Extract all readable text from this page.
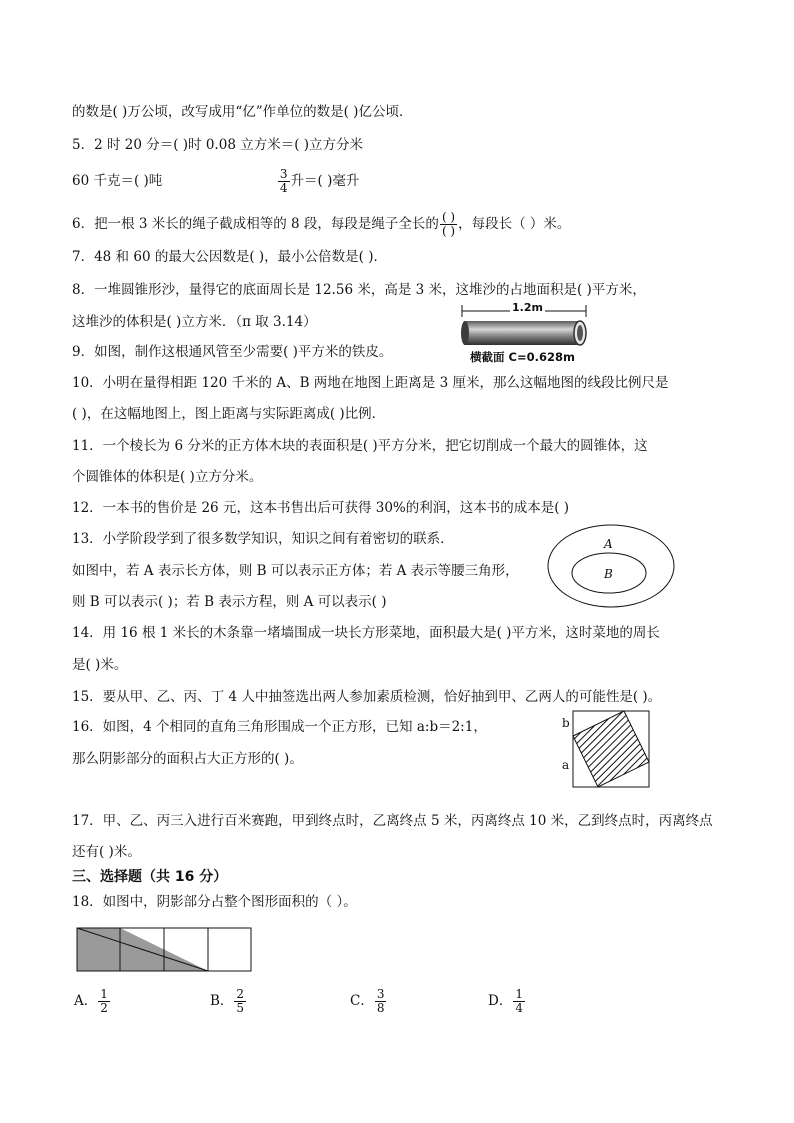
的数是( )万公顷，改写成用“亿”作单位的数是( )亿公顷．
5．2 时 20 分＝( )时 0.08 立方米＝( )立方分米
60 千克＝( )吨	$\frac{3}{4}$ 升＝( )毫升
6．把一根 3 米长的绳子截成相等的 8 段，每段是绳子全长的 $\frac{( )}{( )}$ ，每段长（ ）米。
7．48 和 60 的最大公因数是( )，最小公倍数是( )．
8．一堆圆锥形沙，量得它的底面周长是 12.56 米，高是 3 米，这堆沙的占地面积是( )平方米，
这堆沙的体积是( )立方米．（π 取 3.14）
9．如图，制作这根通风管至少需要( )平方米的铁皮。
10．小明在量得相距 120 千米的 A、B 两地在地图上距离是 3 厘米，那么这幅地图的线段比例尺是
( )，在这幅地图上，图上距离与实际距离成( )比例．
11．一个棱长为 6 分米的正方体木块的表面积是( )平方分米，把它切削成一个最大的圆锥体，这
个圆锥体的体积是( )立方分米。
12．一本书的售价是 26 元，这本书售出后可获得 30%的利润，这本书的成本是( )
13．小学阶段学到了很多数学知识，知识之间有着密切的联系．
如图中，若 A 表示长方体，则 B 可以表示正方体；若 A 表示等腰三角形，
则 B 可以表示( )；若 B 表示方程，则 A 可以表示( )
14．用 16 根 1 米长的木条靠一堵墙围成一块长方形菜地，面积最大是( )平方米，这时菜地的周长
是( )米。
15．要从甲、乙、丙、丁 4 人中抽签选出两人参加素质检测，恰好抽到甲、乙两人的可能性是( )。
16．如图，4 个相同的直角三角形围成一个正方形，已知 a:b＝2:1，
那么阴影部分的面积占大正方形的( )。
17．甲、乙、丙三入进行百米赛跑，甲到终点时，乙离终点 5 米，丙离终点 10 米，乙到终点时，丙离终点
还有( )米。
三、选择题（共 16 分）
18．如图中，阴影部分占整个图形面积的（ ）。
1.2m
横截面 C=0.628m
A
B
b
a
A． $\frac{1}{2}$	B． $\frac{2}{5}$	C． $\frac{3}{8}$	D． $\frac{1}{4}$
